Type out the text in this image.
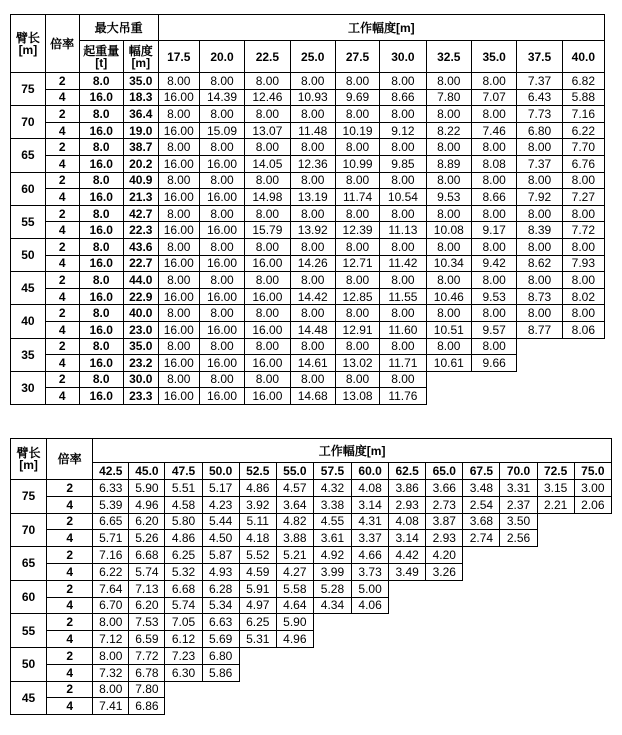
臂长
[m]	倍率	最大吊重		工作幅度[m]									
		起重量
[t]	幅度
[m]	17.5	20.0	22.5	25.0	27.5	30.0	32.5	35.0	37.5	40.0
75	2	8.0	35.0	8.00	8.00	8.00	8.00	8.00	8.00	8.00	8.00	7.37	6.82
	4	16.0	18.3	16.00	14.39	12.46	10.93	9.69	8.66	7.80	7.07	6.43	5.88
70	2	8.0	36.4	8.00	8.00	8.00	8.00	8.00	8.00	8.00	8.00	7.73	7.16
	4	16.0	19.0	16.00	15.09	13.07	11.48	10.19	9.12	8.22	7.46	6.80	6.22
65	2	8.0	38.7	8.00	8.00	8.00	8.00	8.00	8.00	8.00	8.00	8.00	7.70
	4	16.0	20.2	16.00	16.00	14.05	12.36	10.99	9.85	8.89	8.08	7.37	6.76
60	2	8.0	40.9	8.00	8.00	8.00	8.00	8.00	8.00	8.00	8.00	8.00	8.00
	4	16.0	21.3	16.00	16.00	14.98	13.19	11.74	10.54	9.53	8.66	7.92	7.27
55	2	8.0	42.7	8.00	8.00	8.00	8.00	8.00	8.00	8.00	8.00	8.00	8.00
	4	16.0	22.3	16.00	16.00	15.79	13.92	12.39	11.13	10.08	9.17	8.39	7.72
50	2	8.0	43.6	8.00	8.00	8.00	8.00	8.00	8.00	8.00	8.00	8.00	8.00
	4	16.0	22.7	16.00	16.00	16.00	14.26	12.71	11.42	10.34	9.42	8.62	7.93
45	2	8.0	44.0	8.00	8.00	8.00	8.00	8.00	8.00	8.00	8.00	8.00	8.00
	4	16.0	22.9	16.00	16.00	16.00	14.42	12.85	11.55	10.46	9.53	8.73	8.02
40	2	8.0	40.0	8.00	8.00	8.00	8.00	8.00	8.00	8.00	8.00	8.00	8.00
	4	16.0	23.0	16.00	16.00	16.00	14.48	12.91	11.60	10.51	9.57	8.77	8.06
35	2	8.0	35.0	8.00	8.00	8.00	8.00	8.00	8.00	8.00	8.00		
	4	16.0	23.2	16.00	16.00	16.00	14.61	13.02	11.71	10.61	9.66		
30	2	8.0	30.0	8.00	8.00	8.00	8.00	8.00	8.00				
	4	16.0	23.3	16.00	16.00	16.00	14.68	13.08	11.76				
臂长
[m]	倍率	工作幅度[m]													
		42.5	45.0	47.5	50.0	52.5	55.0	57.5	60.0	62.5	65.0	67.5	70.0	72.5	75.0
75	2	6.33	5.90	5.51	5.17	4.86	4.57	4.32	4.08	3.86	3.66	3.48	3.31	3.15	3.00
	4	5.39	4.96	4.58	4.23	3.92	3.64	3.38	3.14	2.93	2.73	2.54	2.37	2.21	2.06
70	2	6.65	6.20	5.80	5.44	5.11	4.82	4.55	4.31	4.08	3.87	3.68	3.50		
	4	5.71	5.26	4.86	4.50	4.18	3.88	3.61	3.37	3.14	2.93	2.74	2.56		
65	2	7.16	6.68	6.25	5.87	5.52	5.21	4.92	4.66	4.42	4.20				
	4	6.22	5.74	5.32	4.93	4.59	4.27	3.99	3.73	3.49	3.26				
60	2	7.64	7.13	6.68	6.28	5.91	5.58	5.28	5.00						
	4	6.70	6.20	5.74	5.34	4.97	4.64	4.34	4.06						
55	2	8.00	7.53	7.05	6.63	6.25	5.90								
	4	7.12	6.59	6.12	5.69	5.31	4.96								
50	2	8.00	7.72	7.23	6.80										
	4	7.32	6.78	6.30	5.86										
45	2	8.00	7.80												
	4	7.41	6.86												
